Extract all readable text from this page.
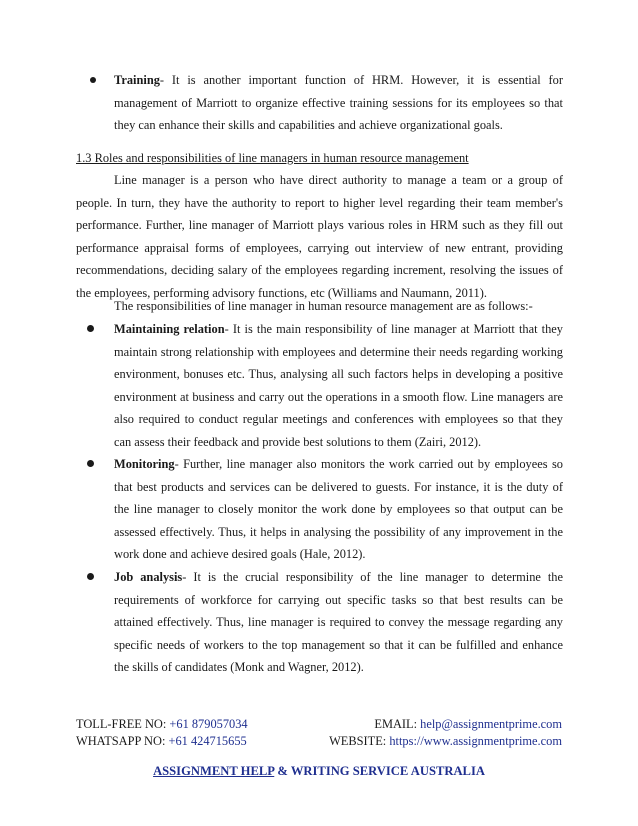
Training- It is another important function of HRM. However, it is essential for management of Marriott to organize effective training sessions for its employees so that they can enhance their skills and capabilities and achieve organizational goals.
1.3 Roles and responsibilities of line managers in human resource management
Line manager is a person who have direct authority to manage a team or a group of people. In turn, they have the authority to report to higher level regarding their team member's performance. Further, line manager of Marriott plays various roles in HRM such as they fill out performance appraisal forms of employees, carrying out interview of new entrant, providing recommendations, deciding salary of the employees regarding increment, resolving the issues of the employees, performing advisory functions, etc (Williams and Naumann, 2011).
The responsibilities of line manager in human resource management are as follows:-
Maintaining relation- It is the main responsibility of line manager at Marriott that they maintain strong relationship with employees and determine their needs regarding working environment, bonuses etc. Thus, analysing all such factors helps in developing a positive environment at business and carry out the operations in a smooth flow. Line managers are also required to conduct regular meetings and conferences with employees so that they can assess their feedback and provide best solutions to them (Zairi, 2012).
Monitoring- Further, line manager also monitors the work carried out by employees so that best products and services can be delivered to guests. For instance, it is the duty of the line manager to closely monitor the work done by employees so that output can be assessed effectively. Thus, it helps in analysing the possibility of any improvement in the work done and achieve desired goals (Hale, 2012).
Job analysis- It is the crucial responsibility of the line manager to determine the requirements of workforce for carrying out specific tasks so that best results can be attained effectively. Thus, line manager is required to convey the message regarding any specific needs of workers to the top management so that it can be fulfilled and enhance the skills of candidates (Monk and Wagner, 2012).
TOLL-FREE NO: +61 879057034
WHATSAPP NO: +61 424715655
EMAIL: help@assignmentprime.com
WEBSITE: https://www.assignmentprime.com
ASSIGNMENT HELP & WRITING SERVICE AUSTRALIA
